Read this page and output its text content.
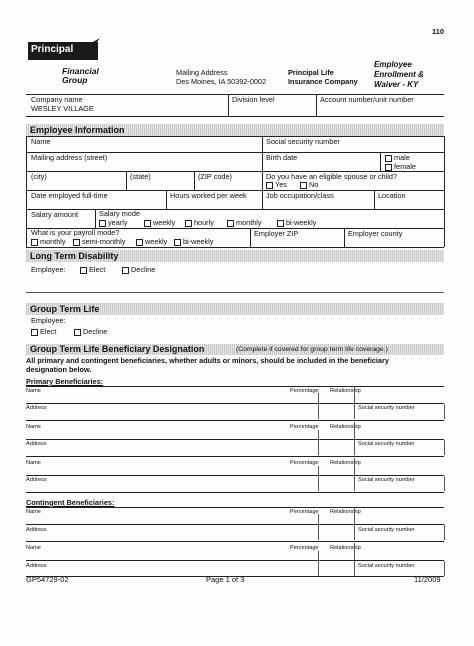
110
Principal
Financial
Group
Mailing Address
Des Moines, IA 50392-0002
Principal Life
Insurance Company
Employee
Enrollment &
Waiver - KY
Company name
WESLEY VILLAGE
Division level	Account number/unit number
Employee Information
Name	Social security number
Mailing address (street)	Birth date	male
female
(city)	(state)	(ZIP code)	Do you have an eligible spouse or child?
Yes	No
Date employed full-time	Hours worked per week	Job occupation/class	Location
Salary amount	Salary mode
yearly	weekly	hourly	monthly	bi-weekly
What is your payroll mode?
monthly	semi-monthly	weekly	bi-weekly
Employer ZIP	Employer county
Long Term Disability
Employee:	Elect	Decline
Group Term Life
Employee:
Elect	Decline
Group Term Life Beneficiary Designation	(Complete if covered for group term life coverage.)
All primary and contingent beneficiaries, whether adults or minors, should be included in the beneficiary
designation below.
Primary Beneficiaries:
Contingent Beneficiaries:
Name	Percentage Relationship
Address	Social security number
Name	Percentage Relationship
Address	Social security number
Name	Percentage Relationship
Address	Social security number
Name	Percentage Relationship
Address	Social security number
Name	Percentage Relationship
Address	Social security number
GP54729-02	Page 1 of 3	11/2009
